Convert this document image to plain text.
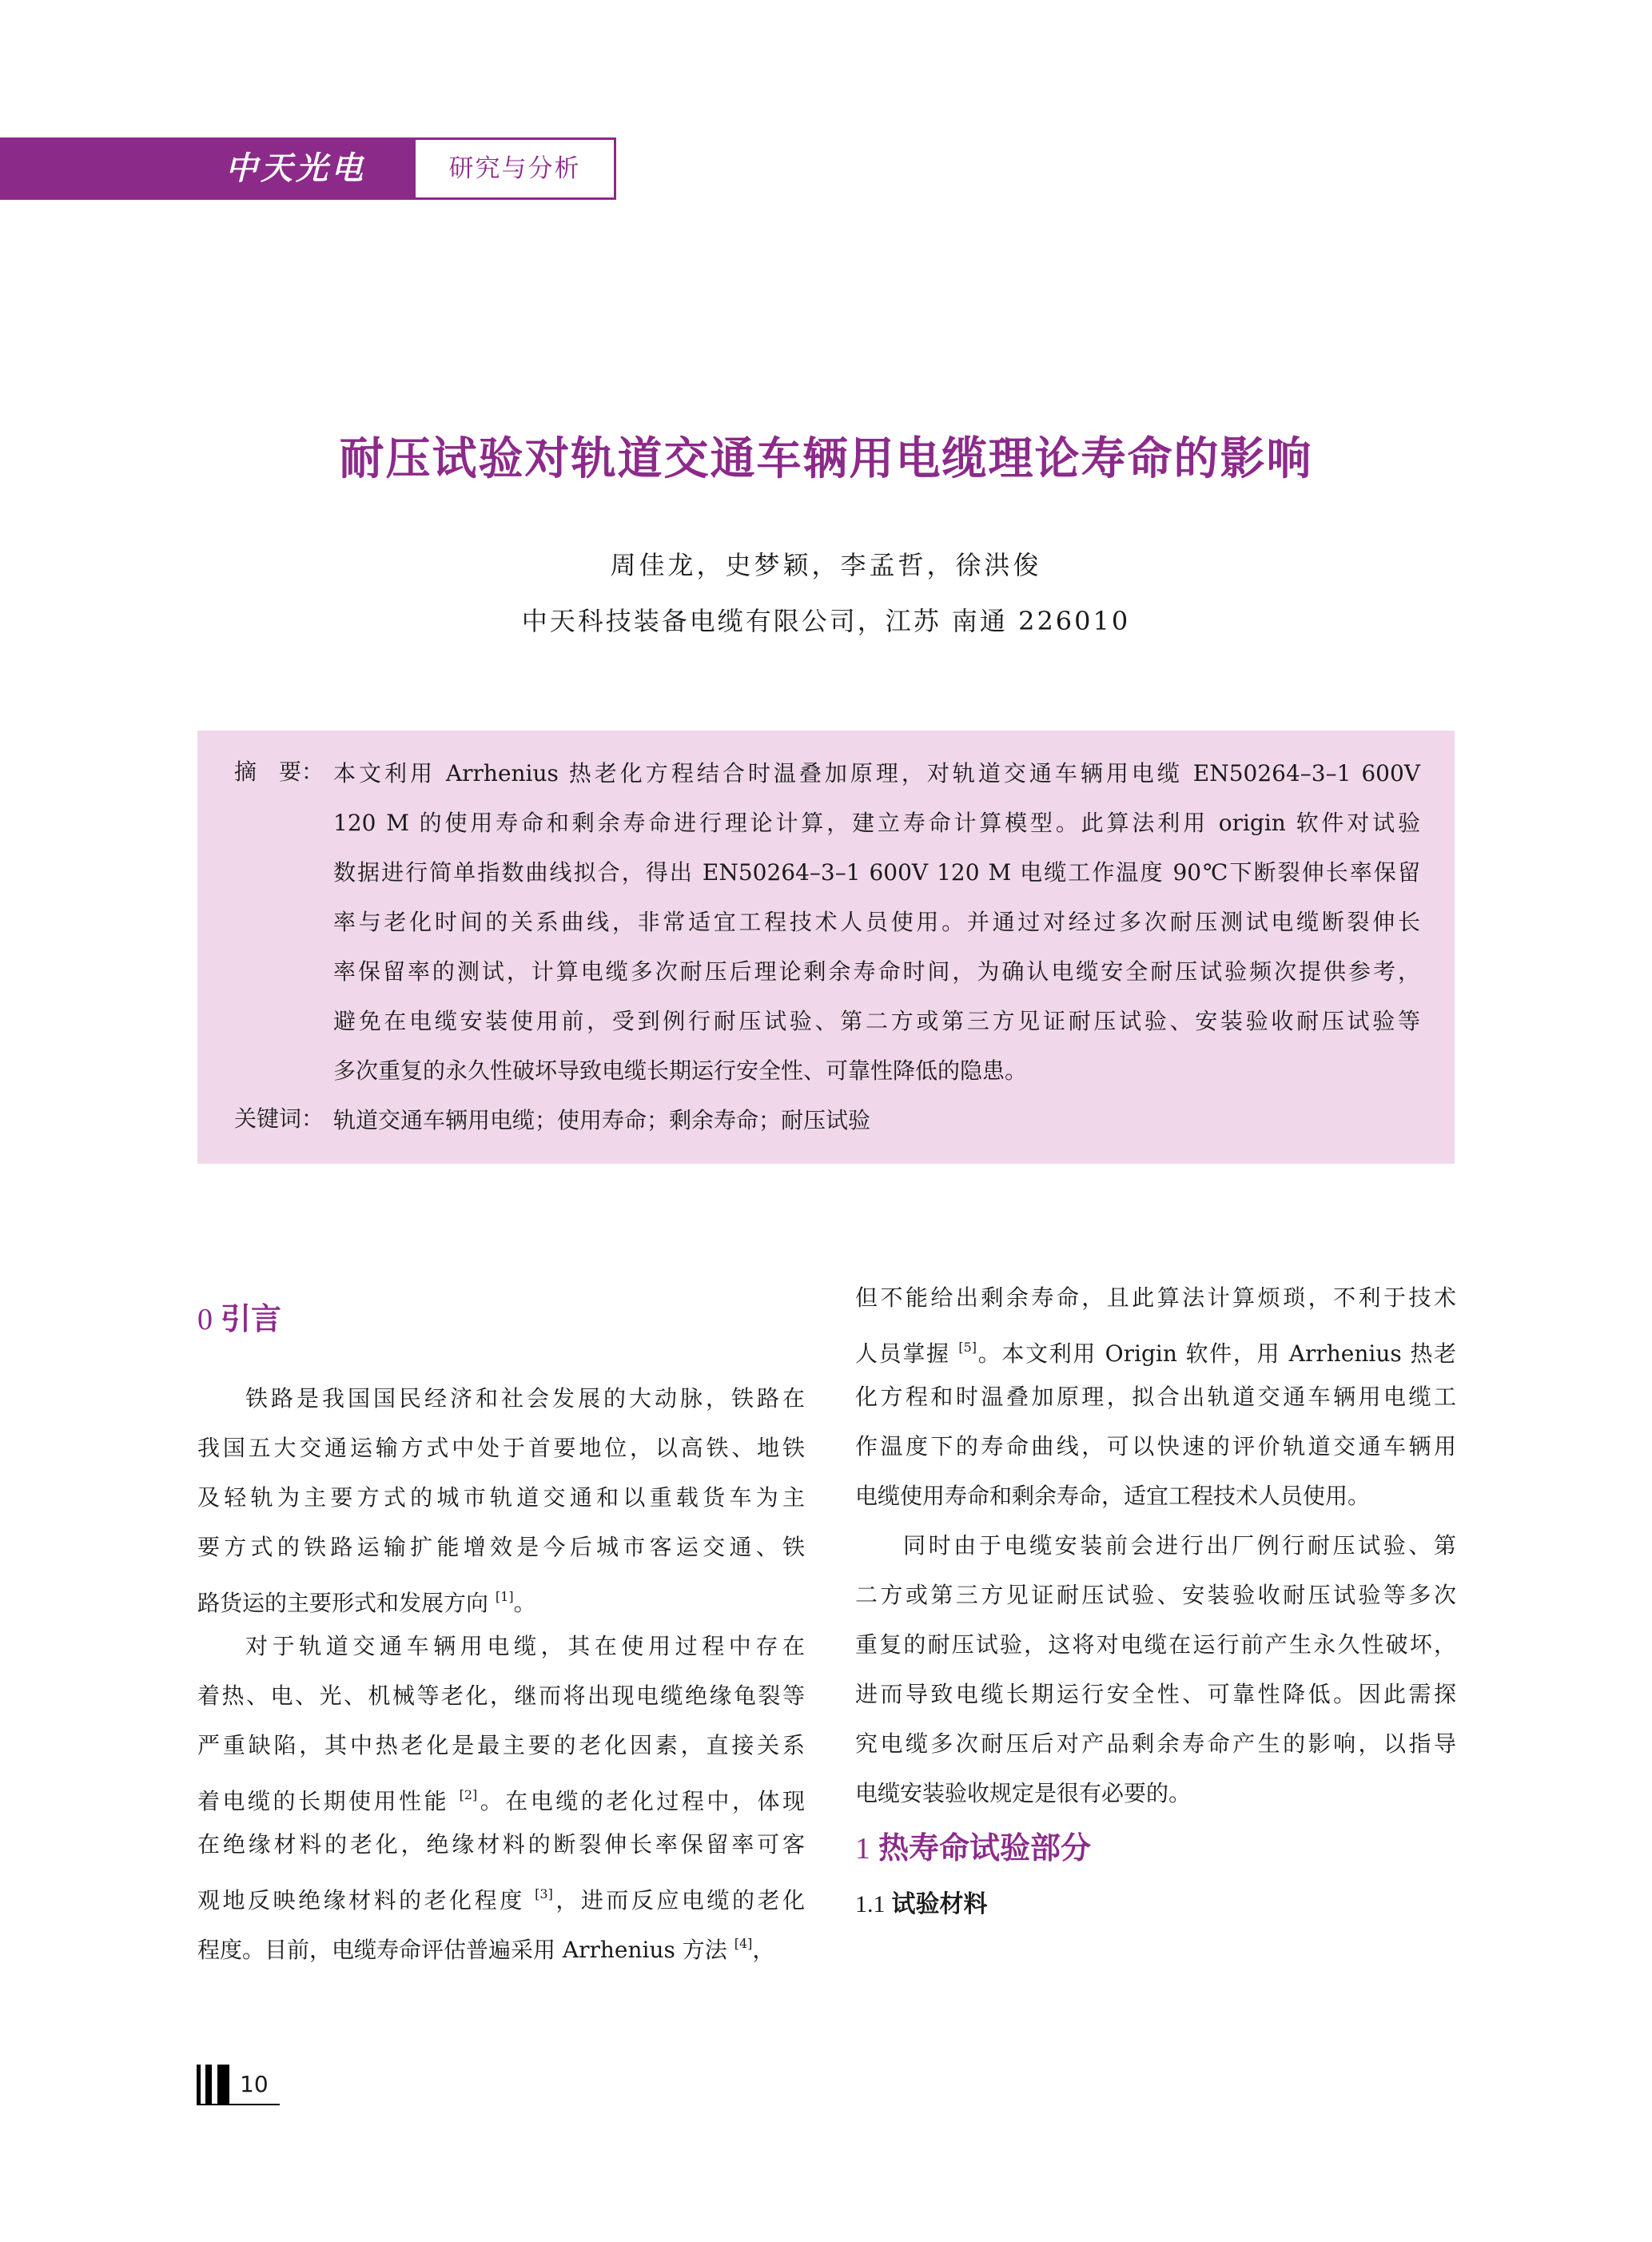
中天光电	研究与分析
耐压试验对轨道交通车辆用电缆理论寿命的影响
周佳龙，史梦颖，李孟哲，徐洪俊
中天科技装备电缆有限公司，江苏 南通 226010
摘　要： 本文利用 Arrhenius 热老化方程结合时温叠加原理，对轨道交通车辆用电缆 EN50264–3–1 600V
120 M 的使用寿命和剩余寿命进行理论计算，建立寿命计算模型。此算法利用 origin 软件对试验
数据进行简单指数曲线拟合，得出 EN50264–3–1 600V 120 M 电缆工作温度 90℃下断裂伸长率保留
率与老化时间的关系曲线，非常适宜工程技术人员使用。并通过对经过多次耐压测试电缆断裂伸长
率保留率的测试，计算电缆多次耐压后理论剩余寿命时间，为确认电缆安全耐压试验频次提供参考，
避免在电缆安装使用前，受到例行耐压试验、第二方或第三方见证耐压试验、安装验收耐压试验等
多次重复的永久性破坏导致电缆长期运行安全性、可靠性降低的隐患。
关键词： 轨道交通车辆用电缆；使用寿命；剩余寿命；耐压试验
0 引言
铁路是我国国民经济和社会发展的大动脉，铁路在
我国五大交通运输方式中处于首要地位，以高铁、地铁
及轻轨为主要方式的城市轨道交通和以重载货车为主
要方式的铁路运输扩能增效是今后城市客运交通、铁
路货运的主要形式和发展方向 [1]。
对于轨道交通车辆用电缆，其在使用过程中存在
着热、电、光、机械等老化，继而将出现电缆绝缘龟裂等
严重缺陷，其中热老化是最主要的老化因素，直接关系
着电缆的长期使用性能 [2]。在电缆的老化过程中，体现
在绝缘材料的老化，绝缘材料的断裂伸长率保留率可客
观地反映绝缘材料的老化程度 [3]，进而反应电缆的老化
程度。目前，电缆寿命评估普遍采用 Arrhenius 方法 [4]，
但不能给出剩余寿命，且此算法计算烦琐，不利于技术
人员掌握 [5]。本文利用 Origin 软件，用 Arrhenius 热老
化方程和时温叠加原理，拟合出轨道交通车辆用电缆工
作温度下的寿命曲线，可以快速的评价轨道交通车辆用
电缆使用寿命和剩余寿命，适宜工程技术人员使用。
同时由于电缆安装前会进行出厂例行耐压试验、第
二方或第三方见证耐压试验、安装验收耐压试验等多次
重复的耐压试验，这将对电缆在运行前产生永久性破坏，
进而导致电缆长期运行安全性、可靠性降低。因此需探
究电缆多次耐压后对产品剩余寿命产生的影响，以指导
电缆安装验收规定是很有必要的。
1 热寿命试验部分
1.1 试验材料
10
